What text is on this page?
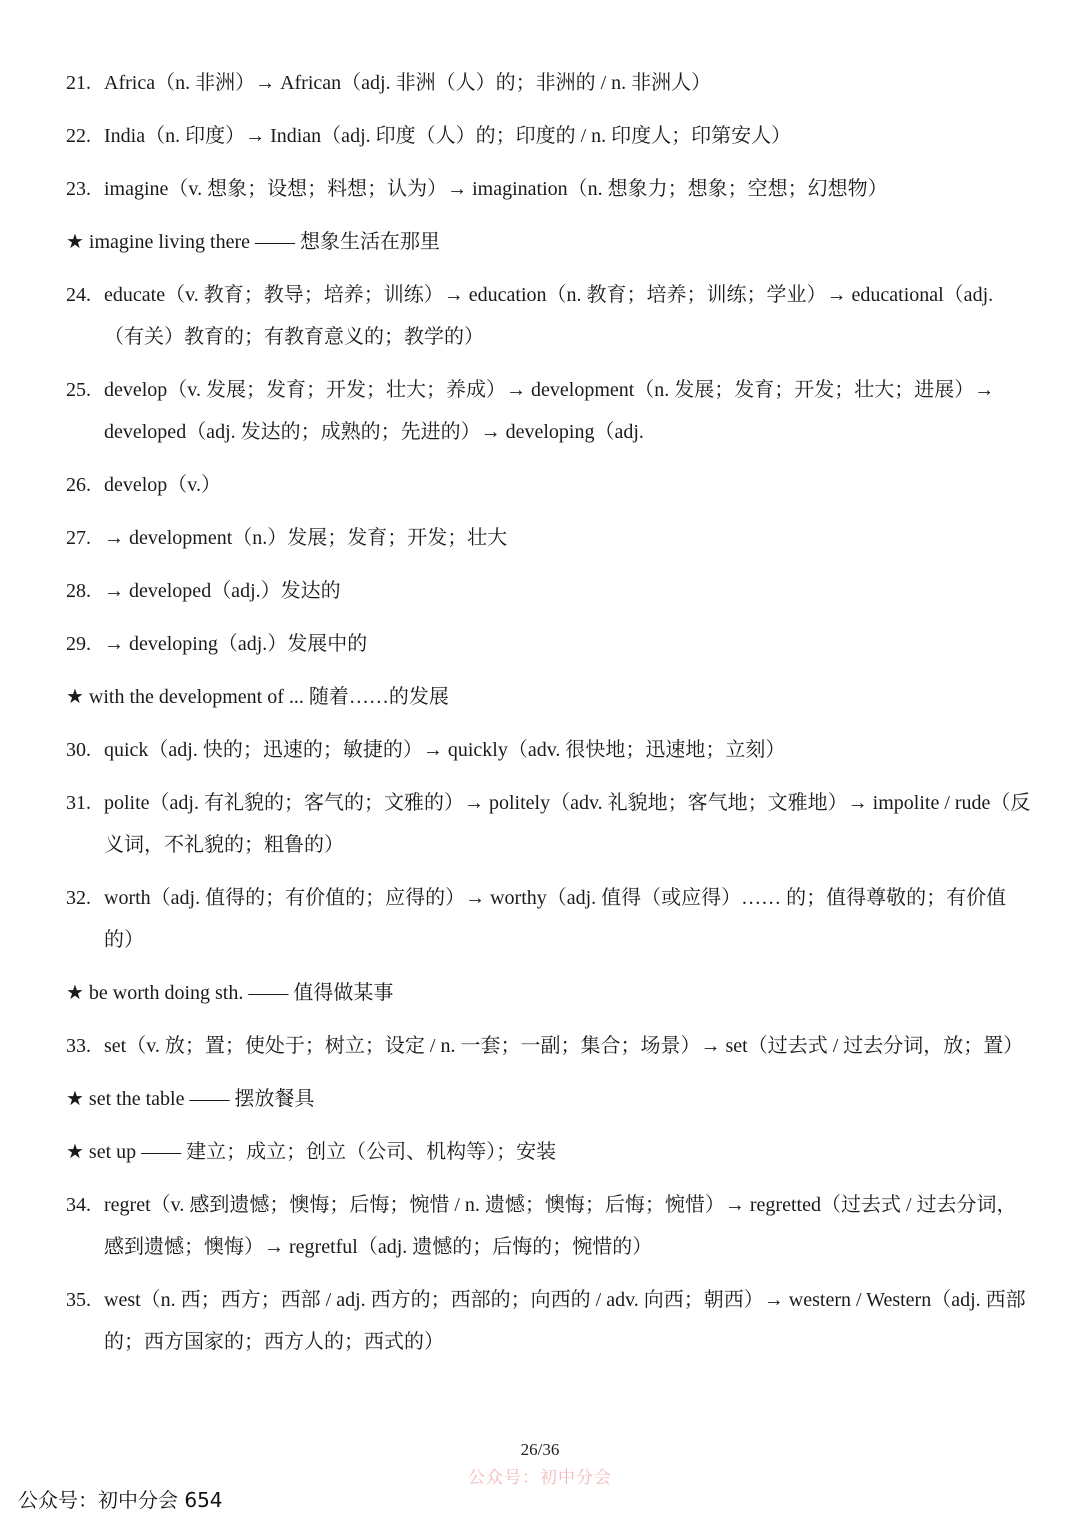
21. Africa（n. 非洲）→ African（adj. 非洲（人）的；非洲的 / n. 非洲人）
22. India（n. 印度）→ Indian（adj. 印度（人）的；印度的 / n. 印度人；印第安人）
23. imagine（v. 想象；设想；料想；认为）→ imagination（n. 想象力；想象；空想；幻想物）
★ imagine living there —— 想象生活在那里
24. educate（v. 教育；教导；培养；训练）→ education（n. 教育；培养；训练；学业）→ educational（adj. （有关）教育的；有教育意义的；教学的）
25. develop（v. 发展；发育；开发；壮大；养成）→ development（n. 发展；发育；开发；壮大；进展）→ developed（adj. 发达的；成熟的；先进的）→ developing（adj.
26. develop（v.）
27. → development（n.）发展；发育；开发；壮大
28. → developed（adj.）发达的
29. → developing（adj.）发展中的
★ with the development of ... 随着……的发展
30. quick（adj. 快的；迅速的；敏捷的）→ quickly（adv. 很快地；迅速地；立刻）
31. polite（adj. 有礼貌的；客气的；文雅的）→ politely（adv. 礼貌地；客气地；文雅地）→ impolite / rude（反义词，不礼貌的；粗鲁的）
32. worth（adj. 值得的；有价值的；应得的）→ worthy（adj. 值得（或应得）…… 的；值得尊敬的；有价值的）
★ be worth doing sth. —— 值得做某事
33. set（v. 放；置；使处于；树立；设定 / n. 一套；一副；集合；场景）→ set（过去式 / 过去分词，放；置）
★ set the table —— 摆放餐具
★ set up —— 建立；成立；创立（公司、机构等）；安装
34. regret（v. 感到遗憾；懊悔；后悔；惋惜 / n. 遗憾；懊悔；后悔；惋惜）→ regretted（过去式 / 过去分词，感到遗憾；懊悔）→ regretful（adj. 遗憾的；后悔的；惋惜的）
35. west（n. 西；西方；西部 / adj. 西方的；西部的；向西的 / adv. 向西；朝西）→ western / Western（adj. 西部的；西方国家的；西方人的；西式的）
26/36
公众号：初中分会
公众号：初中分会 654
